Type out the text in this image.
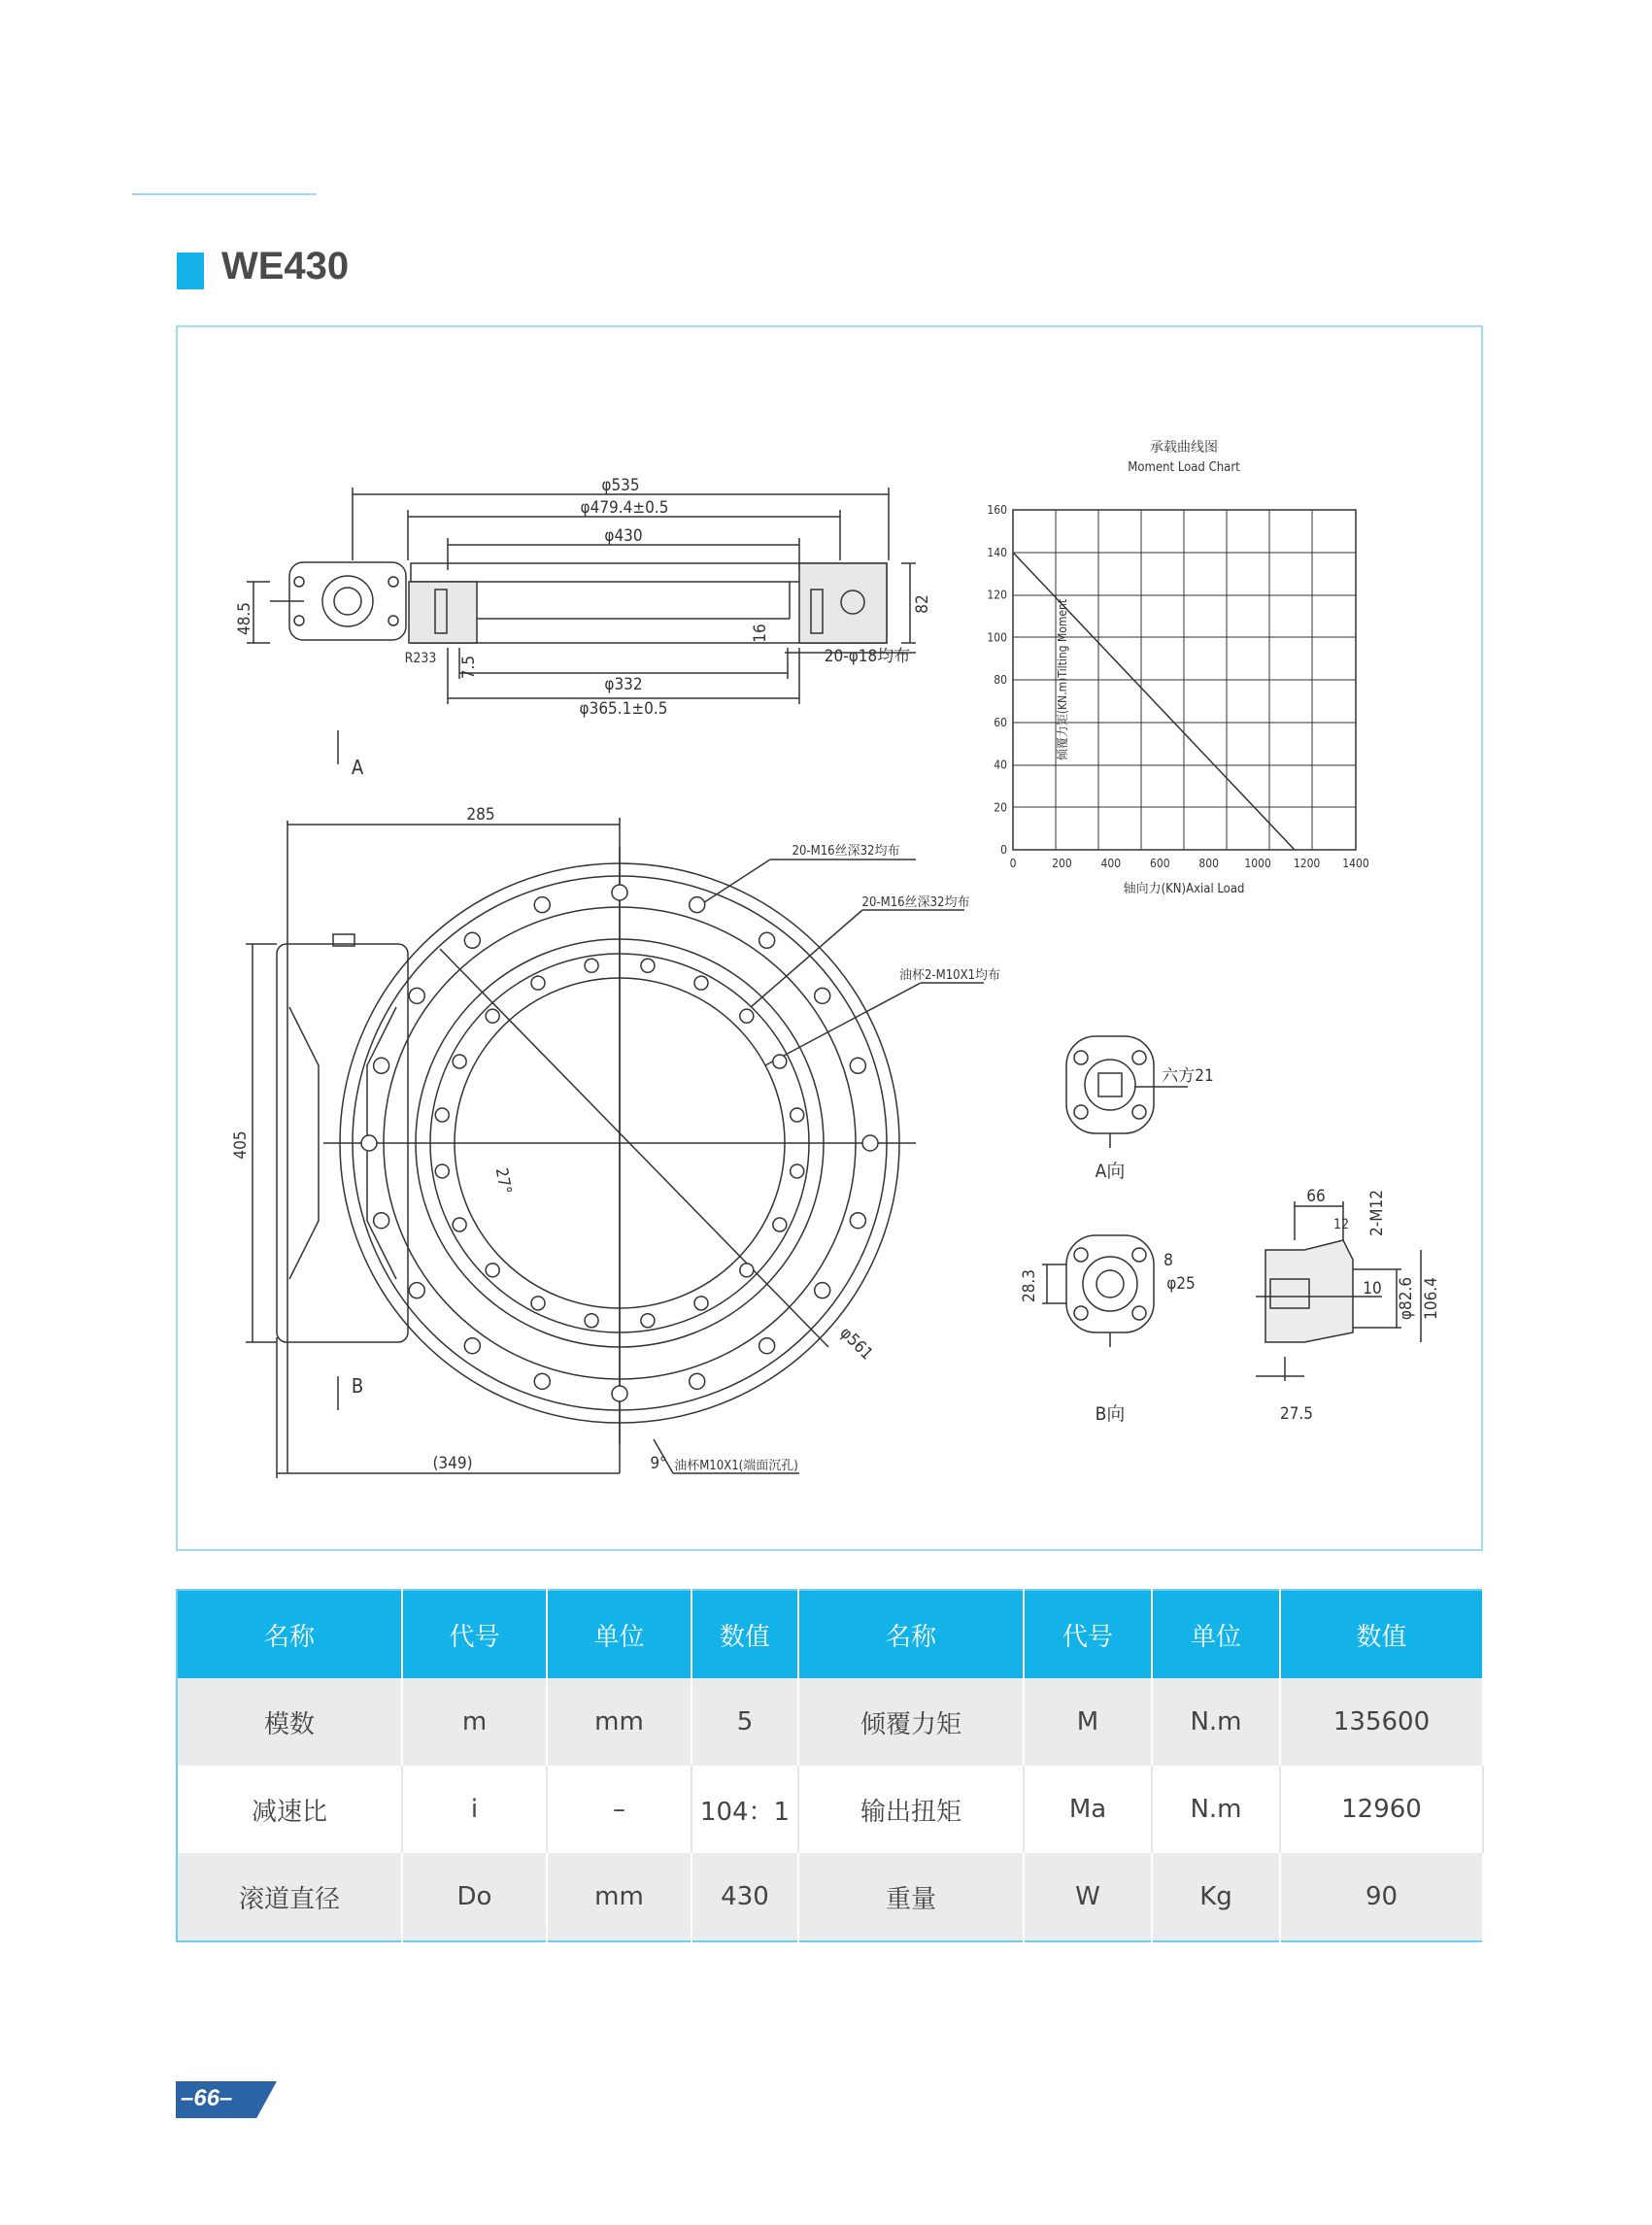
WE430
φ535
φ479.4±0.5
φ430
φ332
φ365.1±0.5
82
48.5
R233 7.5
16
20-φ18均布
A
B
285
405
(349)	9°
27°
φ561
20-M16丝深32均布
20-M16丝深32均布
油杯2-M10X1均布
油杯M10X1(端面沉孔)
承载曲线图
Moment Load Chart
轴向力(KN)Axial Load
倾覆力矩(KN.m)Tilting Moment
六方21
A向
8
φ25
28.3
B向
66
12 2-M12
10 φ82.6 106.4
27.5
0	200 400 600 800 1000 1200 1400
0
20
40
60
80
100
120
140
160
名称	代号	单位	数值	名称	代号	单位	数值
模数	m	mm	5	倾覆力矩	M	N.m	135600
减速比	i	–	104：1	输出扭矩	Ma	N.m	12960
滚道直径	Do	mm	430	重量	W	Kg	90
–66–
